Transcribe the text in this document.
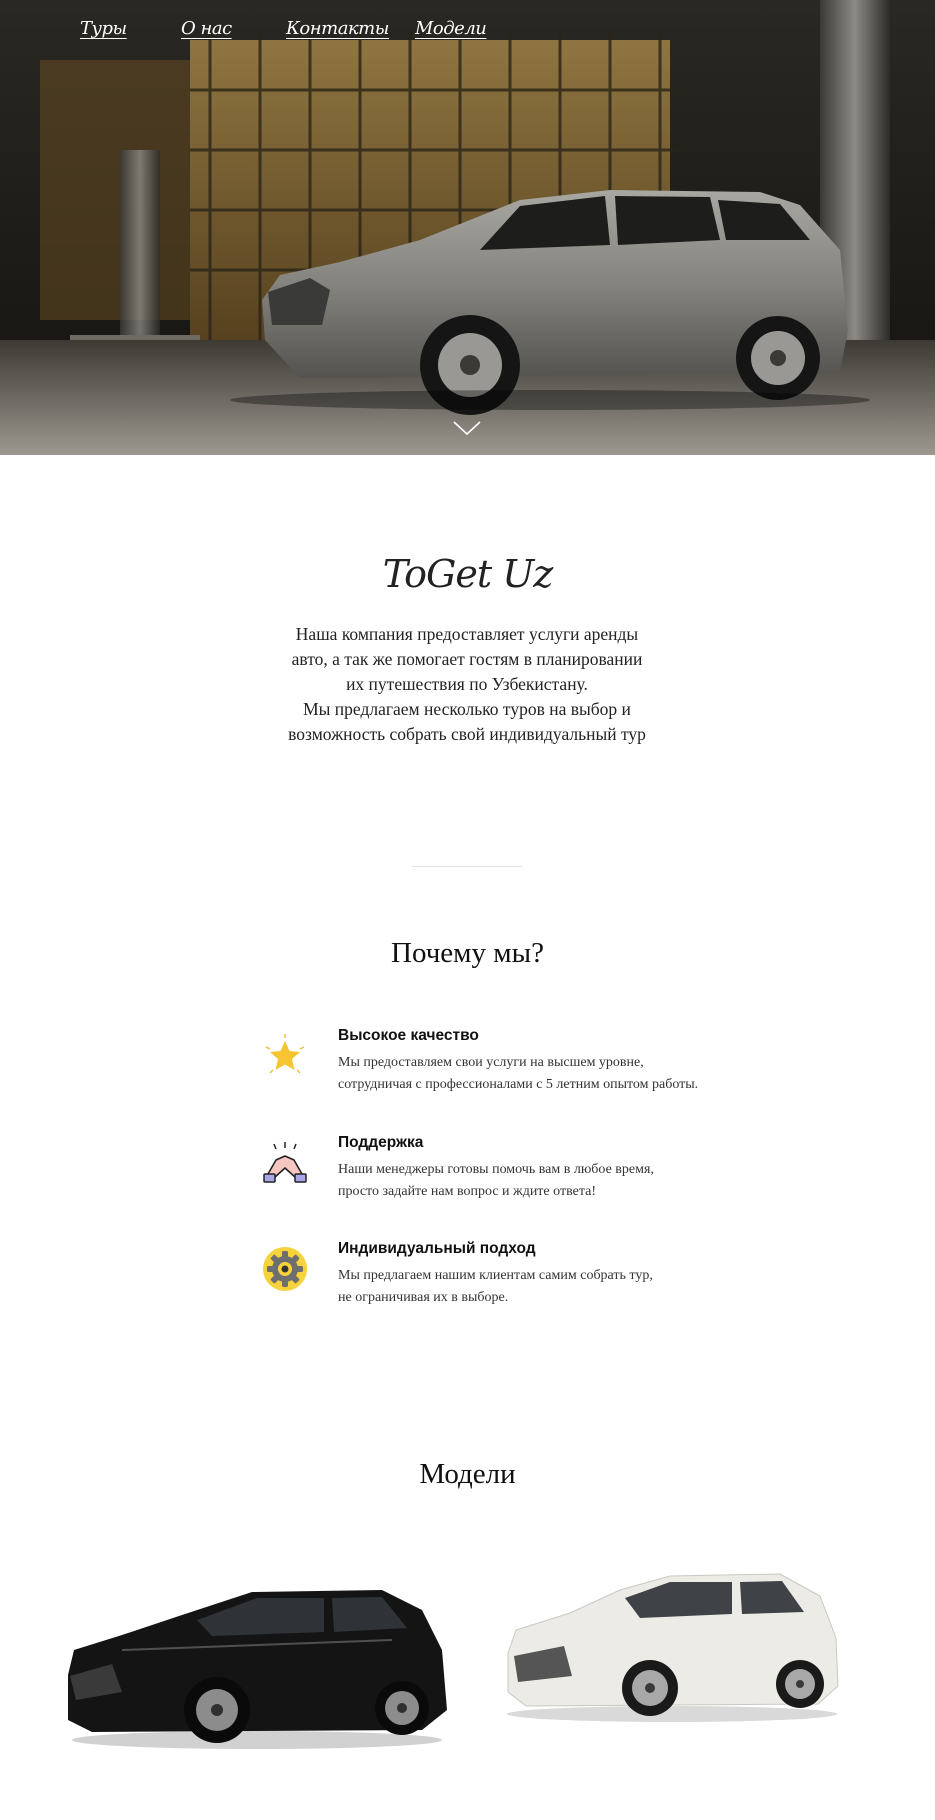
Туры	О нас	Контакты Модели
ToGet Uz
Наша компания предоставляет услуги аренды
авто, а так же помогает гостям в планировании
их путешествия по Узбекистану.
Мы предлагаем несколько туров на выбор и
возможность собрать свой индивидуальный тур
Почему мы?
Высокое качество
Мы предоставляем свои услуги на высшем уровне,
сотрудничая с профессионалами с 5 летним опытом работы.
Поддержка
Наши менеджеры готовы помочь вам в любое время,
просто задайте нам вопрос и ждите ответа!
Индивидуальный подход
Мы предлагаем нашим клиентам самим собрать тур,
не ограничивая их в выборе.
Модели
